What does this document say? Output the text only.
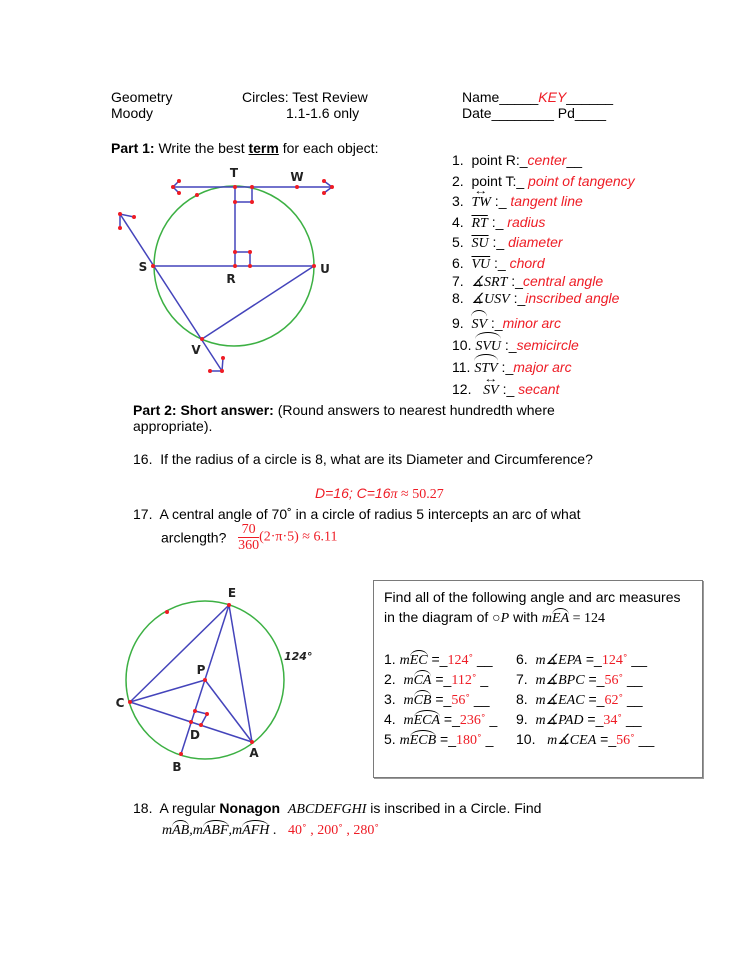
Geometry
Moody
Circles: Test Review
1.1-1.6 only
Name_____KEY______
Date________ Pd____
Part 1: Write the best term for each object:
T	W
S
R
U
V
1. point R:_center__
2. point T:_ point of tangency
3. ↔ TW :_ tangent line
4. $\overline{RT}$ :_ radius
5. $\overline{SU}$ :_ diameter
6. $\overline{VU}$ :_ chord
7. ∡SRT :_central angle
8. ∡USV :_inscribed angle
9. SV :_minor arc
10. SVU :_semicircle
11. STV :_major arc
12. ↔ SV :_ secant
Part 2: Short answer: (Round answers to nearest hundredth where
appropriate).
16. If the radius of a circle is 8, what are its Diameter and Circumference?
D=16; C=16π ≈ 50.27
17. A central angle of 70˚ in a circle of radius 5 intercepts an arc of what
arclength? $\frac{70}{360} (2\cdot\pi\cdot 5) \approx 6.11$
E
P
C
D
A
B
124°
Find all of the following angle and arc measures
in the diagram of ○P with mEA = 124
1. mEC =_124˚ __
2. mCA =_112˚ _
3. mCB =_56˚ __
4. mECA =_236˚ _
5. mECB =_180˚ _
6. m∡EPA =_124˚ __
7. m∡BPC =_56˚ __
8. m∡EAC =_62˚ __
9. m∡PAD =_34˚ __
10. m∡CEA =_56˚ __
18. A regular Nonagon ABCDEFGHI is inscribed in a Circle. Find
mAB,mABF,mAFH . 40˚ , 200˚ , 280˚
